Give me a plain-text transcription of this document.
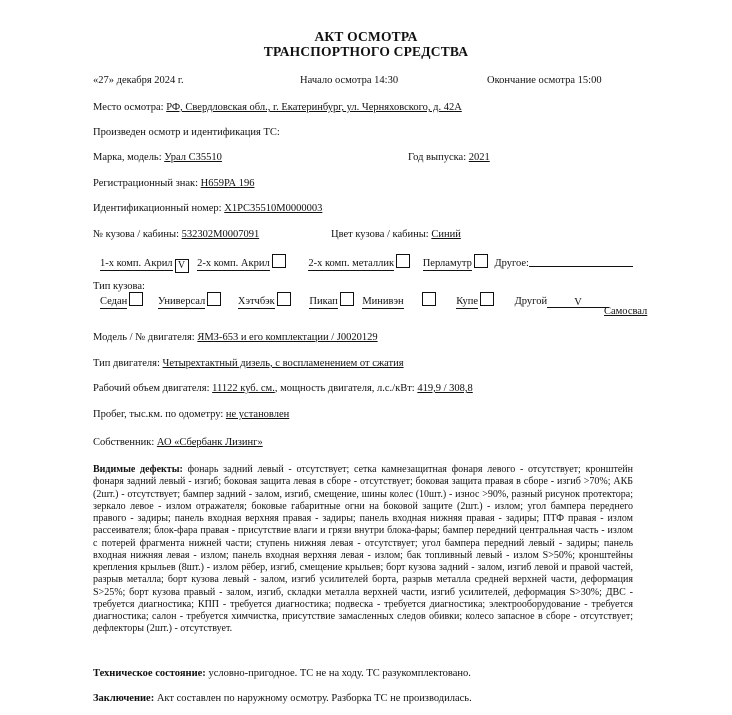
АКТ ОСМОТРА
ТРАНСПОРТНОГО СРЕДСТВА
«27» декабря 2024 г.	Начало осмотра 14:30	Окончание осмотра 15:00
Место осмотра: РФ, Свердловская обл., г. Екатеринбург, ул. Черняховского, д. 42А
Произведен осмотр и идентификация ТС:
Марка, модель: Урал С35510	Год выпуска: 2021
Регистрационный знак: Н659РА 196
Идентификационный номер: Х1РС35510М0000003
№ кузова / кабины: 532302М0007091	Цвет кузова / кабины: Синий
1-х комп. Акрил V 2-х комп. Акрил	2-х комп. металлик	Перламутр Другое:
Тип кузова:
Седан	Универсал	Хэтчбэк	Пикап Минивэн	Купе	Другой	V
Самосвал
Модель / № двигателя: ЯМЗ-653 и его комплектации / J0020129
Тип двигателя: Четырехтактный дизель, с воспламенением от сжатия
Рабочий объем двигателя: 11122 куб. см., мощность двигателя, л.с./кВт: 419,9 / 308,8
Пробег, тыс.км. по одометру: не установлен
Собственник: АО «Сбербанк Лизинг»
Видимые дефекты: фонарь задний левый - отсутствует; сетка камнезащитная фонаря левого - отсутствует; кронштейн фонаря задний левый - изгиб; боковая защита левая в сборе - отсутствует; боковая защита правая в сборе - изгиб >70%; АКБ (2шт.) - отсутствует; бампер задний - залом, изгиб, смещение, шины колес (10шт.) - износ >90%, разный рисунок протектора; зеркало левое - излом отражателя; боковые габаритные огни на боковой защите (2шт.) - излом; угол бампера переднего правого - задиры; панель входная верхняя правая - задиры; панель входная нижняя правая - задиры; ПТФ правая - излом рассеивателя; блок-фара правая - присутствие влаги и грязи внутри блока-фары; бампер передний центральная часть - излом с потерей фрагмента нижней части; ступень нижняя левая - отсутствует; угол бампера передний левый - задиры; панель входная нижняя левая - излом; панель входная верхняя левая - излом; бак топливный левый - излом S>50%; кронштейны крепления крыльев (8шт.) - излом рёбер, изгиб, смещение крыльев; борт кузова задний - залом, изгиб левой и правой частей, разрыв металла; борт кузова левый - залом, изгиб усилителей борта, разрыв металла средней верхней части, деформация S>25%; борт кузова правый - залом, изгиб, складки металла верхней части, изгиб усилителей, деформация S>30%; ДВС - требуется диагностика; КПП - требуется диагностика; подвеска - требуется диагностика; электрооборудование - требуется диагностика; салон - требуется химчистка, присутствие замасленных следов обивки; колесо запасное в сборе - отсутствует; дефлекторы (2шт.) - отсутствует.
Техническое состояние: условно-пригодное. ТС не на ходу. ТС разукомплектовано.
Заключение: Акт составлен по наружному осмотру. Разборка ТС не производилась.
